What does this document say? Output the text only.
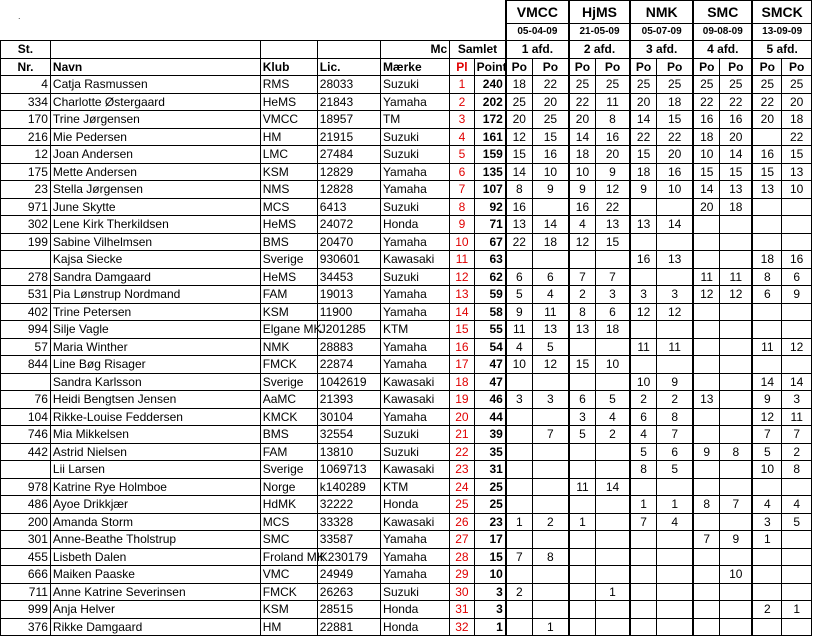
.
							VMCC		HjMS		NMK		SMC		SMCK	
							05-04-09		21-05-09		05-07-09		09-08-09		13-09-09	
St.				Mc	Samlet		1 afd.		2 afd.		3 afd.		4 afd.		5 afd.	
Nr.	Navn	Klub	Lic.	Mærke	Pl	Point	Po	Po	Po	Po	Po	Po	Po	Po	Po	Po
4	Catja Rasmussen	RMS	28033	Suzuki	1	240	18	22	25	25	25	25	25	25	25	25
334	Charlotte Østergaard	HeMS	21843	Yamaha	2	202	25	20	22	11	20	18	22	22	22	20
170	Trine Jørgensen	VMCC	18957	TM	3	172	20	25	20	8	14	15	16	16	20	18
216	Mie Pedersen	HM	21915	Suzuki	4	161	12	15	14	16	22	22	18	20		22
12	Joan Andersen	LMC	27484	Suzuki	5	159	15	16	18	20	15	20	10	14	16	15
175	Mette Andersen	KSM	12829	Yamaha	6	135	14	10	10	9	18	16	15	15	15	13
23	Stella Jørgensen	NMS	12828	Yamaha	7	107	8	9	9	12	9	10	14	13	13	10
971	June Skytte	MCS	6413	Suzuki	8	92	16		16	22			20	18		
302	Lene Kirk Therkildsen	HeMS	24072	Honda	9	71	13	14	4	13	13	14				
199	Sabine Vilhelmsen	BMS	20470	Yamaha	10	67	22	18	12	15						
	Kajsa Siecke	Sverige	930601	Kawasaki	11	63					16	13			18	16
278	Sandra Damgaard	HeMS	34453	Suzuki	12	62	6	6	7	7			11	11	8	6
531	Pia Lønstrup Nordmand	FAM	19013	Yamaha	13	59	5	4	2	3	3	3	12	12	6	9
402	Trine Petersen	KSM	11900	Yamaha	14	58	9	11	8	6	12	12				
994	Silje Vagle	Elgane MK	J201285	KTM	15	55	11	13	13	18						
57	Maria Winther	NMK	28883	Yamaha	16	54	4	5			11	11			11	12
844	Line Bøg Risager	FMCK	22874	Yamaha	17	47	10	12	15	10						
	Sandra Karlsson	Sverige	1042619	Kawasaki	18	47					10	9			14	14
76	Heidi Bengtsen Jensen	AaMC	21393	Kawasaki	19	46	3	3	6	5	2	2	13		9	3
104	Rikke-Louise Feddersen	KMCK	30104	Yamaha	20	44			3	4	6	8			12	11
746	Mia Mikkelsen	BMS	32554	Suzuki	21	39		7	5	2	4	7			7	7
442	Astrid Nielsen	FAM	13810	Suzuki	22	35					5	6	9	8	5	2
	Lii Larsen	Sverige	1069713	Kawasaki	23	31					8	5			10	8
978	Katrine Rye Holmboe	Norge	k140289	KTM	24	25			11	14						
486	Ayoe Drikkjær	HdMK	32222	Honda	25	25					1	1	8	7	4	4
200	Amanda Storm	MCS	33328	Kawasaki	26	23	1	2	1		7	4			3	5
301	Anne-Beathe Tholstrup	SMC	33587	Yamaha	27	17							7	9	1	
455	Lisbeth Dalen	Froland MK	K230179	Yamaha	28	15	7	8								
666	Maiken Paaske	VMC	24949	Yamaha	29	10								10		
711	Anne Katrine Severinsen	FMCK	26263	Suzuki	30	3	2			1						
999	Anja Helver	KSM	28515	Honda	31	3									2	1
376	Rikke Damgaard	HM	22881	Honda	32	1		1								
